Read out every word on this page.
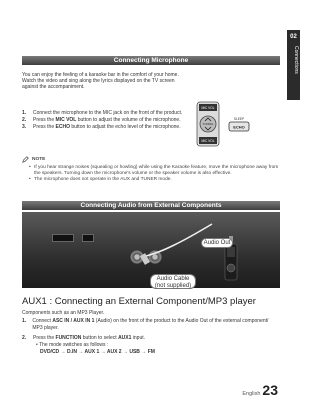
02
Connections
Connecting Microphone
You can enjoy the feeling of a karaoke bar in the comfort of your home. Watch the video and sing along the lyrics displayed on the TV screen against the accompaniment.
1.	Connect the microphone to the MIC jack on the front of the product.
2.	Press the MIC VOL button to adjust the volume of the microphone.
3.	Press the ECHO button to adjust the echo level of the microphone.
MIC VOL
TUNING
MIC VOL
SLEEP
ECHO
NOTE
• If you hear strange noises (squealing or howling) while using the Karaoke feature, move the microphone away from the speakers. Turning down the microphone's volume or the speaker volume is also effective.
• The microphone does not operate in the AUX and TUNER mode.
Connecting Audio from External Components
Audio Out
Audio Cable
(not supplied)
AUX1 : Connecting an External Component/MP3 player
Components such as an MP3 Player.
1.	Connect ASC IN / AUX IN 1 (Audio) on the front of the product to the Audio Out of the external component/ MP3 player.
2.	Press the FUNCTION button to select AUX1 input.
• The mode switches as follows :
DVD/CD → D.IN → AUX 1 → AUX 2 → USB → FM
English 23
